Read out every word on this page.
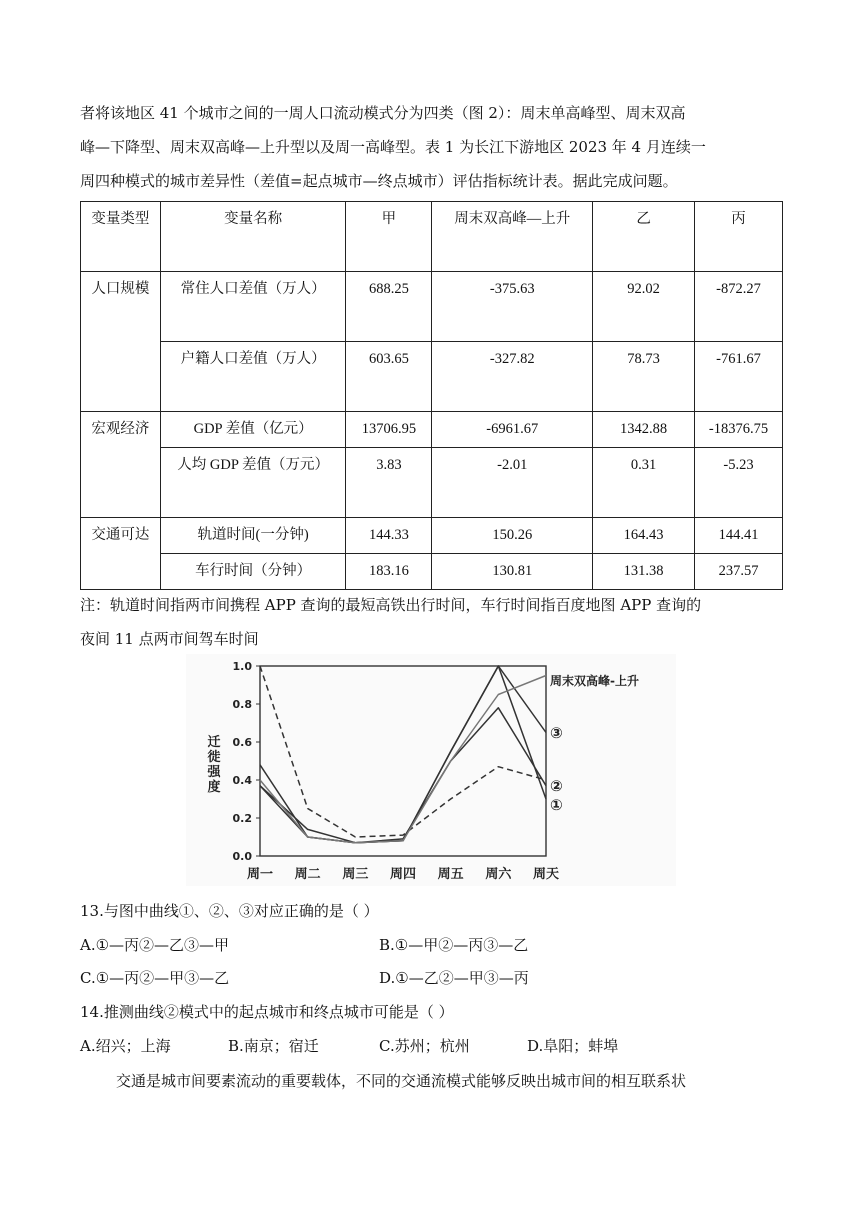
者将该地区 41 个城市之间的一周人口流动模式分为四类（图 2）：周末单高峰型、周末双高
峰—下降型、周末双高峰—上升型以及周一高峰型。表 1 为长江下游地区 2023 年 4 月连续一
周四种模式的城市差异性（差值=起点城市—终点城市）评估指标统计表。据此完成问题。
变量类型	变量名称	甲	周末双高峰—上升	乙	丙
人口规模	常住人口差值（万人）	688.25	-375.63	92.02	-872.27
	户籍人口差值（万人）	603.65	-327.82	78.73	-761.67
宏观经济	GDP 差值（亿元）	13706.95	-6961.67	1342.88	-18376.75
	人均 GDP 差值（万元）	3.83	-2.01	0.31	-5.23
交通可达	轨道时间(一分钟)	144.33	150.26	164.43	144.41
	车行时间（分钟）	183.16	130.81	131.38	237.57
注：轨道时间指两市间携程 APP 查询的最短高铁出行时间，车行时间指百度地图 APP 查询的
夜间 11 点两市间驾车时间
0.0
0.2
0.4
0.6
0.8
1.0
周一 周二 周三 周四 周五 周六 周天
迁徙强度
①
②
③
周末双高峰-上升

13.与图中曲线①、②、③对应正确的是（ ）

A.①—丙②—乙③—甲	B.①—甲②—丙③—乙
C.①—丙②—甲③—乙	D.①—乙②—甲③—丙

14.推测曲线②模式中的起点城市和终点城市可能是（ ）

A.绍兴；上海	B.南京；宿迁	C.苏州；杭州	D.阜阳；蚌埠

交通是城市间要素流动的重要载体，不同的交通流模式能够反映出城市间的相互联系状
